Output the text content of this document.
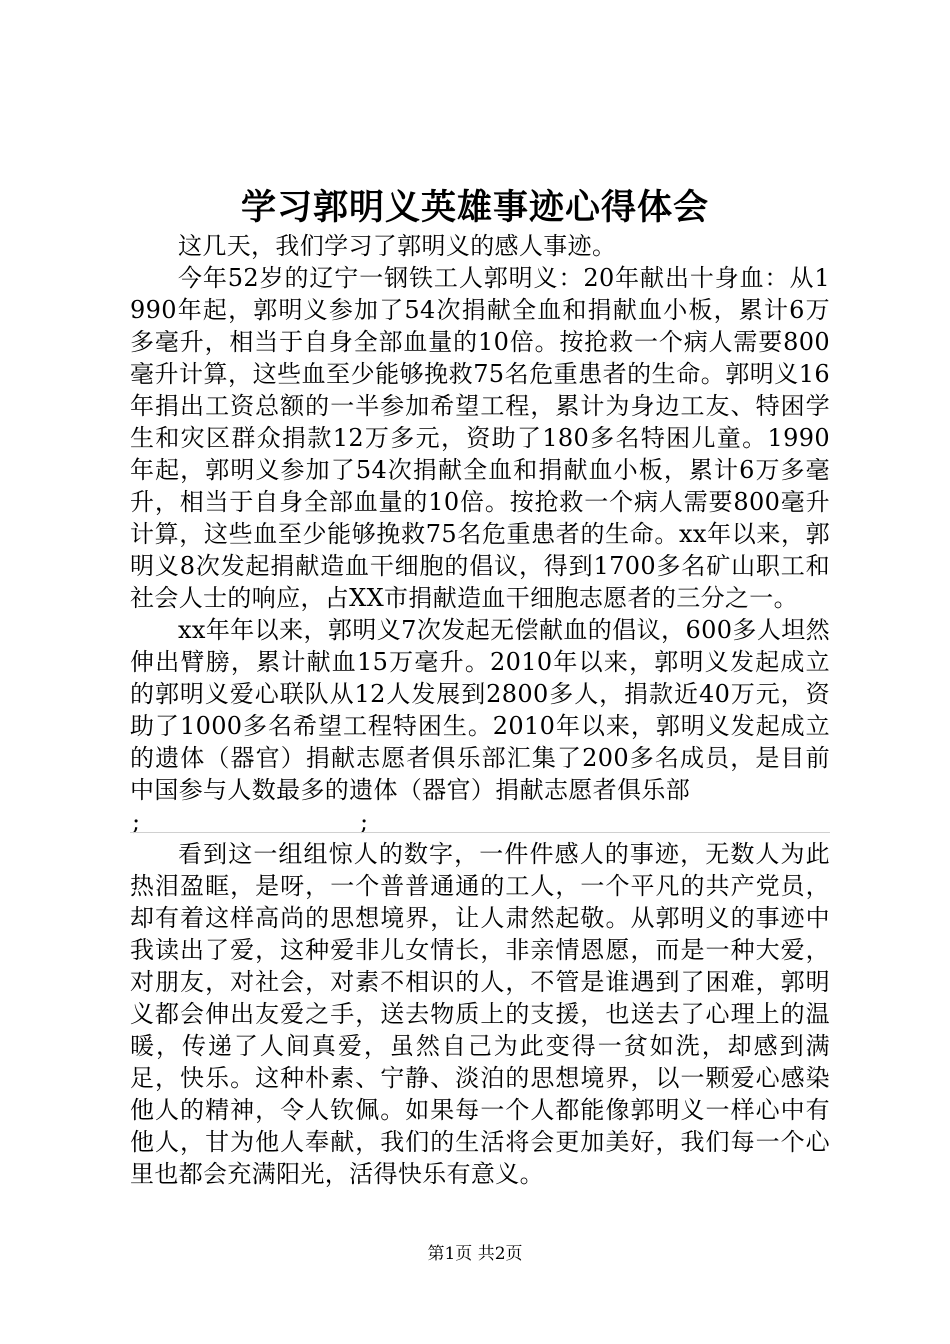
学习郭明义英雄事迹心得体会

这几天，我们学习了郭明义的感人事迹。

今年52岁的辽宁一钢铁工人郭明义：20年献出十身血：从1990年起，郭明义参加了54次捐献全血和捐献血小板，累计6万多毫升，相当于自身全部血量的10倍。按抢救一个病人需要800毫升计算，这些血至少能够挽救75名危重患者的生命。郭明义16年捐出工资总额的一半参加希望工程，累计为身边工友、特困学生和灾区群众捐款12万多元，资助了180多名特困儿童。1990年起，郭明义参加了54次捐献全血和捐献血小板，累计6万多毫升，相当于自身全部血量的10倍。按抢救一个病人需要800毫升计算，这些血至少能够挽救75名危重患者的生命。xx年以来，郭明义8次发起捐献造血干细胞的倡议，得到1700多名矿山职工和社会人士的响应，占XX市捐献造血干细胞志愿者的三分之一。

xx年年以来，郭明义7次发起无偿献血的倡议，600多人坦然伸出臂膀，累计献血15万毫升。2010年以来，郭明义发起成立的郭明义爱心联队从12人发展到2800多人，捐款近40万元，资助了1000多名希望工程特困生。2010年以来，郭明义发起成立的遗体（器官）捐献志愿者俱乐部汇集了200多名成员，是目前中国参与人数最多的遗体（器官）捐献志愿者俱乐部

;	;

看到这一组组惊人的数字，一件件感人的事迹，无数人为此热泪盈眶，是呀，一个普普通通的工人，一个平凡的共产党员，却有着这样高尚的思想境界，让人肃然起敬。从郭明义的事迹中我读出了爱，这种爱非儿女情长，非亲情恩愿，而是一种大爱，对朋友，对社会，对素不相识的人，不管是谁遇到了困难，郭明义都会伸出友爱之手，送去物质上的支援，也送去了心理上的温暖，传递了人间真爱，虽然自己为此变得一贫如洗，却感到满足，快乐。这种朴素、宁静、淡泊的思想境界，以一颗爱心感染他人的精神，令人钦佩。如果每一个人都能像郭明义一样心中有他人，甘为他人奉献，我们的生活将会更加美好，我们每一个心里也都会充满阳光，活得快乐有意义。

第1页 共2页
